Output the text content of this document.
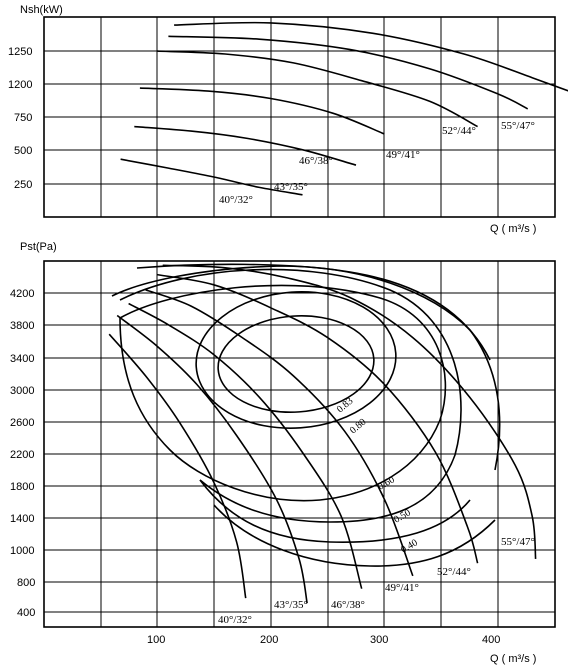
Nsh(kW)
1250
1200
750
500
250
40°/32°
43°/35°
46°/38°	49°/41°
52°/44° 55°/47°
Q ( m³/s )
Pst(Pa)
4200
3800
3400
3000
2600
2200
1800
1400
1000
800
400
100	200	300	400
0.83
0.80
0.60
0.50
0.40
40°/32°
43°/35° 46°/38°
49°/41°
52°/44°
55°/47°
Q ( m³/s )
